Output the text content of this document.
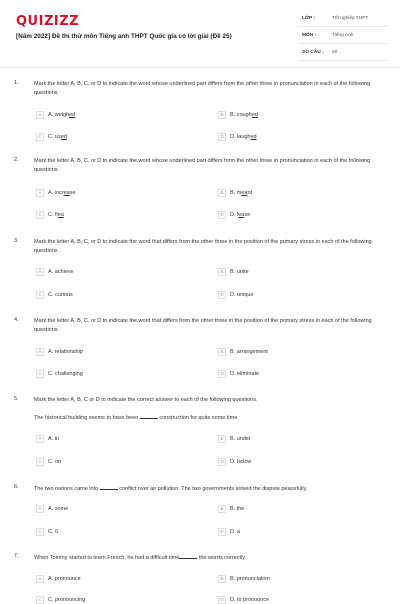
QUIZIZZ
[Năm 2022] Đề thi thử môn Tiếng anh THPT Quốc gia có lời giải (Đề 25)
LỚP :	Tốt nghiệp THPT
MÔN :	Tiếng Anh
SỐ CÂU :	50
1.	Mark the letter A, B, C, or D to indicate the word whose underlined part differs from the other three in pronunciation in each of the following questions.
A	A. weighed	B	B. coughed
C	C. used	D	D. laughed
2.	Mark the letter A, B, C, or D to indicate the word whose underlined part differs from the other three in pronunciation in each of the following questions.
A	A. increase	B	B. meant
C	C. flea	D	D. lease
3.	Mark the letter A, B, C, or D to indicate the word that differs from the other three in the position of the primary stress in each of the following questions.
A	A. achieve	B	B. unite
C	C. curious	D	D. unique
4.	Mark the letter A, B, C, or D to indicate the word that differs from the other three in the position of the primary stress in each of the following questions.
A	A. relationship	B	B. arrangement
C	C. challenging	D	D. eliminate
5.	Mark the letter A, B, C or D to indicate the correct answer to each of the following questions.
The historical building seems to have been	construction for quite some time.
A	A. in	B	B. under
C	C. on	D	D. below
6.	The two nations came into	conflict over air pollution. The two governments solved the dispute peacefully.
A	A. some	B	B. the
C	C. 0	D	D. a
7.	When Tommy started to learn French, he had a difficult time	the words correctly
A	A. pronounce	B	B. pronunciation
C	C. pronouncing	D	D. to pronounce
